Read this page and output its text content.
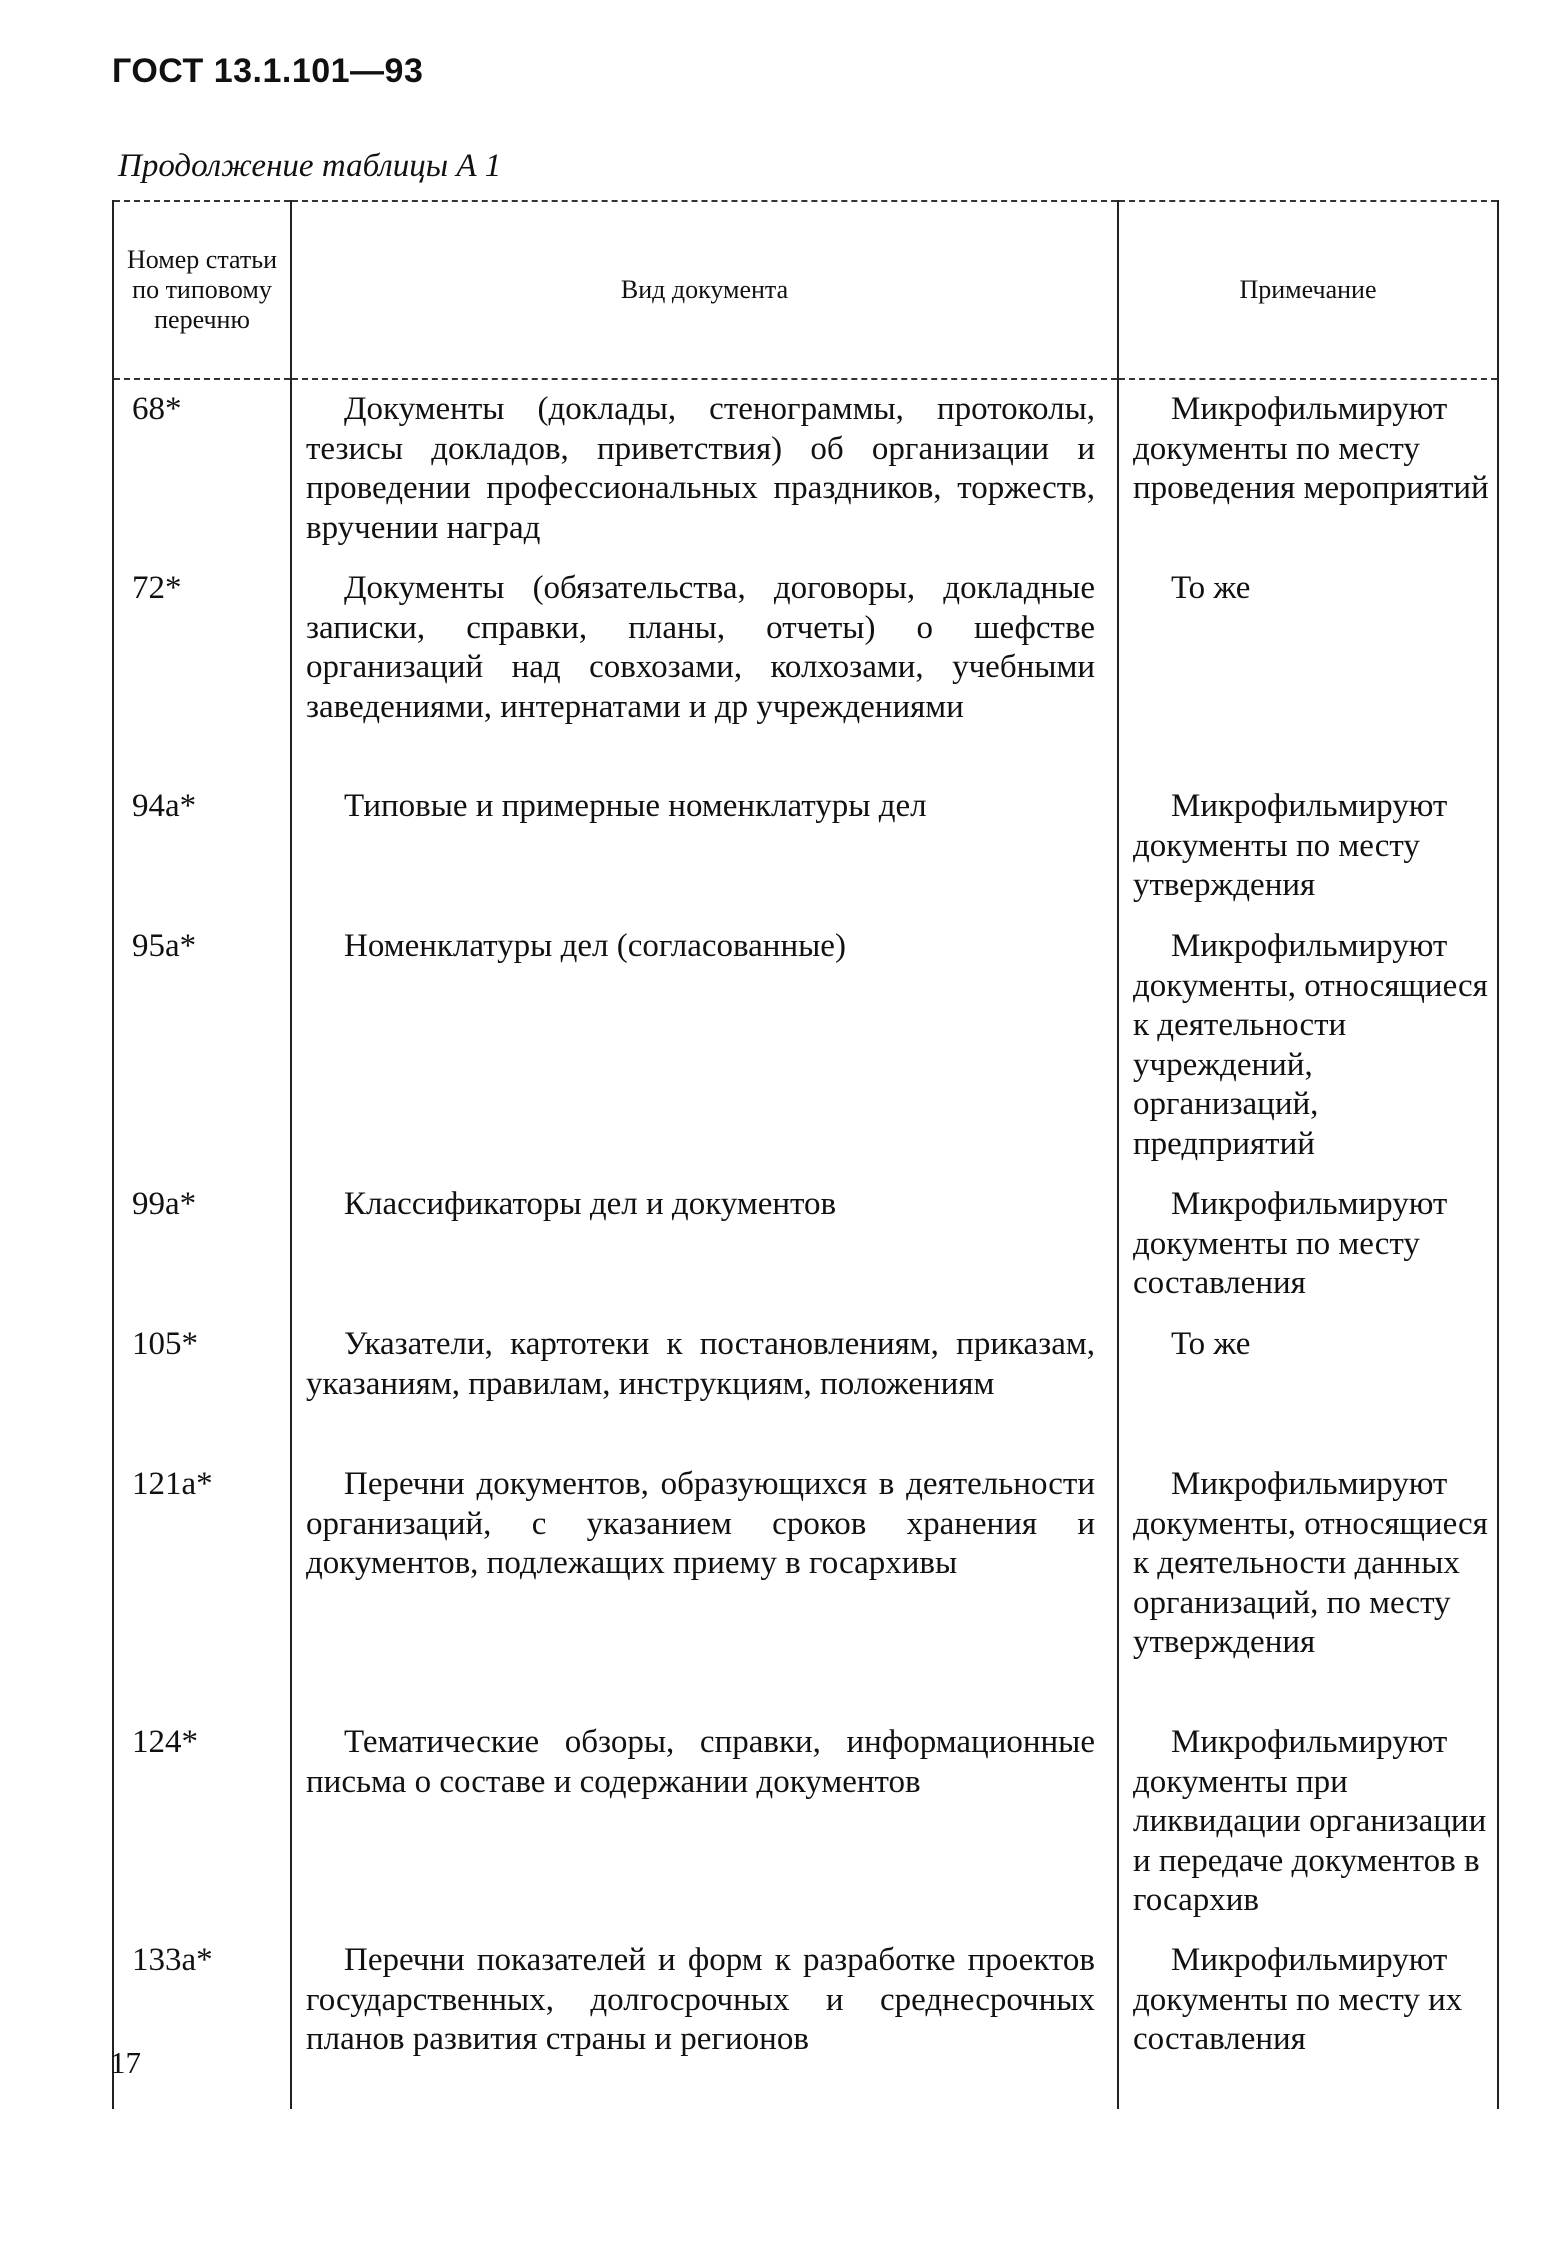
ГОСТ 13.1.101—93
Продолжение таблицы А 1
Номер статьи по типовому перечню	Вид документа	Примечание
68*	Документы (доклады, стенограммы, протоколы, тезисы докладов, приветствия) об организации и проведении профессиональных праздников, торжеств, вручении наград	Микрофильмируют документы по месту проведения мероприятий
72*	Документы (обязательства, договоры, докладные записки, справки, планы, отчеты) о шефстве организаций над совхозами, колхозами, учебными заведениями, интернатами и др учреждениями	То же
94а*	Типовые и примерные номенклатуры дел	Микрофильмируют документы по месту утверждения
95а*	Номенклатуры дел (согласованные)	Микрофильмируют документы, относящиеся к деятельности учреждений, организаций, предприятий
99а*	Классификаторы дел и документов	Микрофильмируют документы по месту составления
105*	Указатели, картотеки к постановлениям, приказам, указаниям, правилам, инструкциям, положениям	То же
121а*	Перечни документов, образующихся в деятельности организаций, с указанием сроков хранения и документов, подлежащих приему в госархивы	Микрофильмируют документы, относящиеся к деятельности данных организаций, по месту утверждения
124*	Тематические обзоры, справки, информационные письма о составе и содержании документов	Микрофильмируют документы при ликвидации организации и передаче документов в госархив
133а*	Перечни показателей и форм к разработке проектов государственных, долгосрочных и среднесрочных планов развития страны и регионов	Микрофильмируют документы по месту их составления
17
